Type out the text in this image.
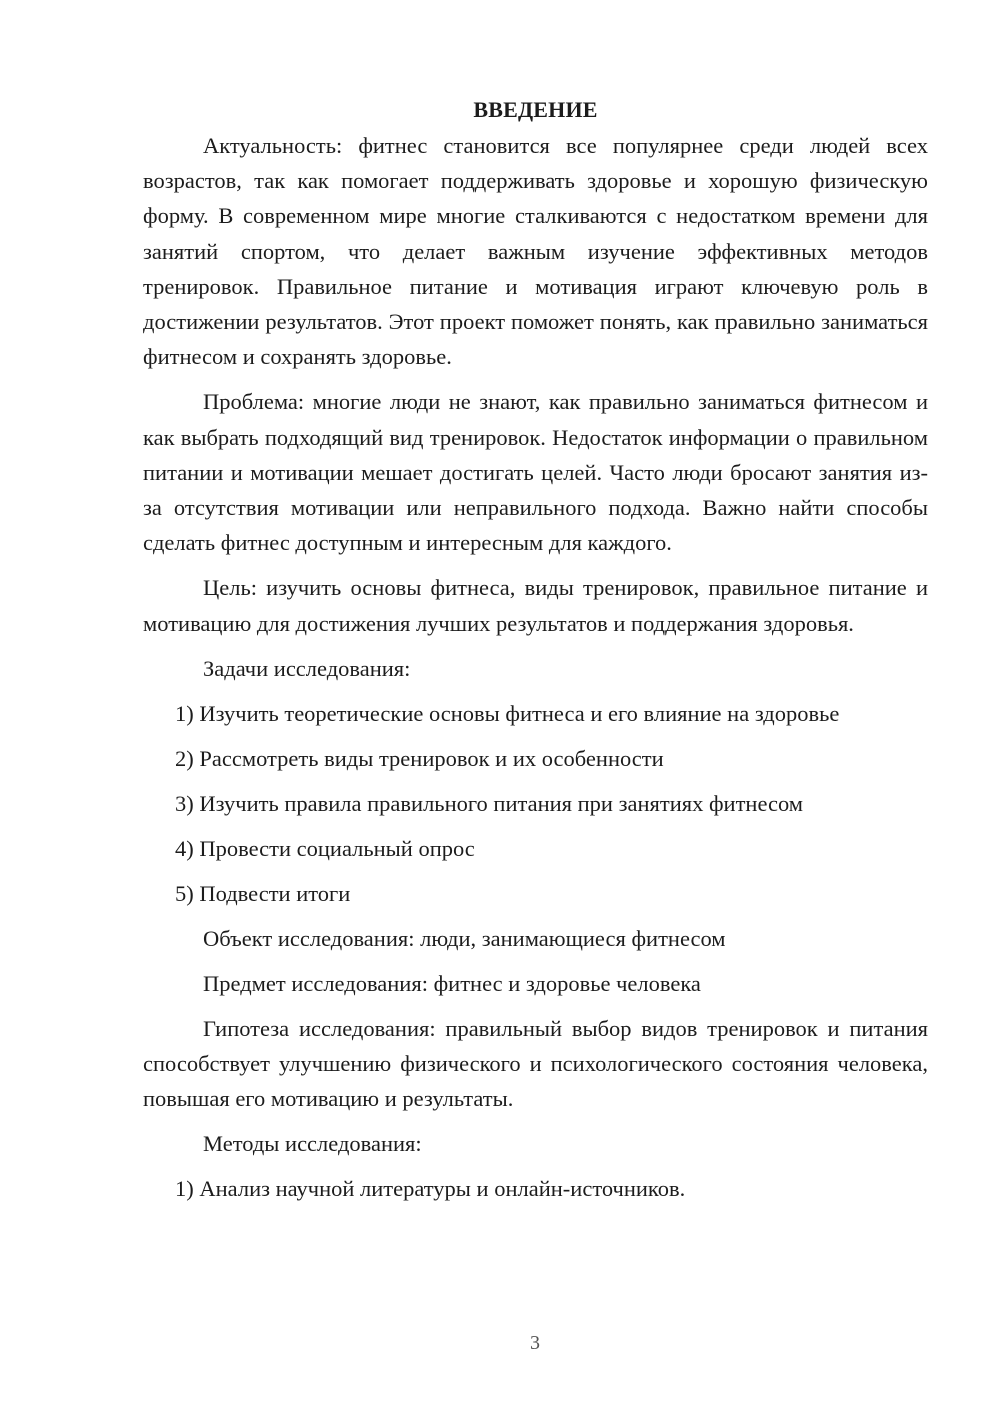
ВВЕДЕНИЕ

Актуальность: фитнес становится все популярнее среди людей всех возрастов, так как помогает поддерживать здоровье и хорошую физическую форму. В современном мире многие сталкиваются с недостатком времени для занятий спортом, что делает важным изучение эффективных методов тренировок. Правильное питание и мотивация играют ключевую роль в достижении результатов. Этот проект поможет понять, как правильно заниматься фитнесом и сохранять здоровье.

Проблема: многие люди не знают, как правильно заниматься фитнесом и как выбрать подходящий вид тренировок. Недостаток информации о правильном питании и мотивации мешает достигать целей. Часто люди бросают занятия из-за отсутствия мотивации или неправильного подхода. Важно найти способы сделать фитнес доступным и интересным для каждого.

Цель: изучить основы фитнеса, виды тренировок, правильное питание и мотивацию для достижения лучших результатов и поддержания здоровья.

Задачи исследования:

1) Изучить теоретические основы фитнеса и его влияние на здоровье

2) Рассмотреть виды тренировок и их особенности

3) Изучить правила правильного питания при занятиях фитнесом

4) Провести социальный опрос

5) Подвести итоги

Объект исследования: люди, занимающиеся фитнесом

Предмет исследования: фитнес и здоровье человека

Гипотеза исследования: правильный выбор видов тренировок и питания способствует улучшению физического и психологического состояния человека, повышая его мотивацию и результаты.

Методы исследования:

1) Анализ научной литературы и онлайн-источников.

3
